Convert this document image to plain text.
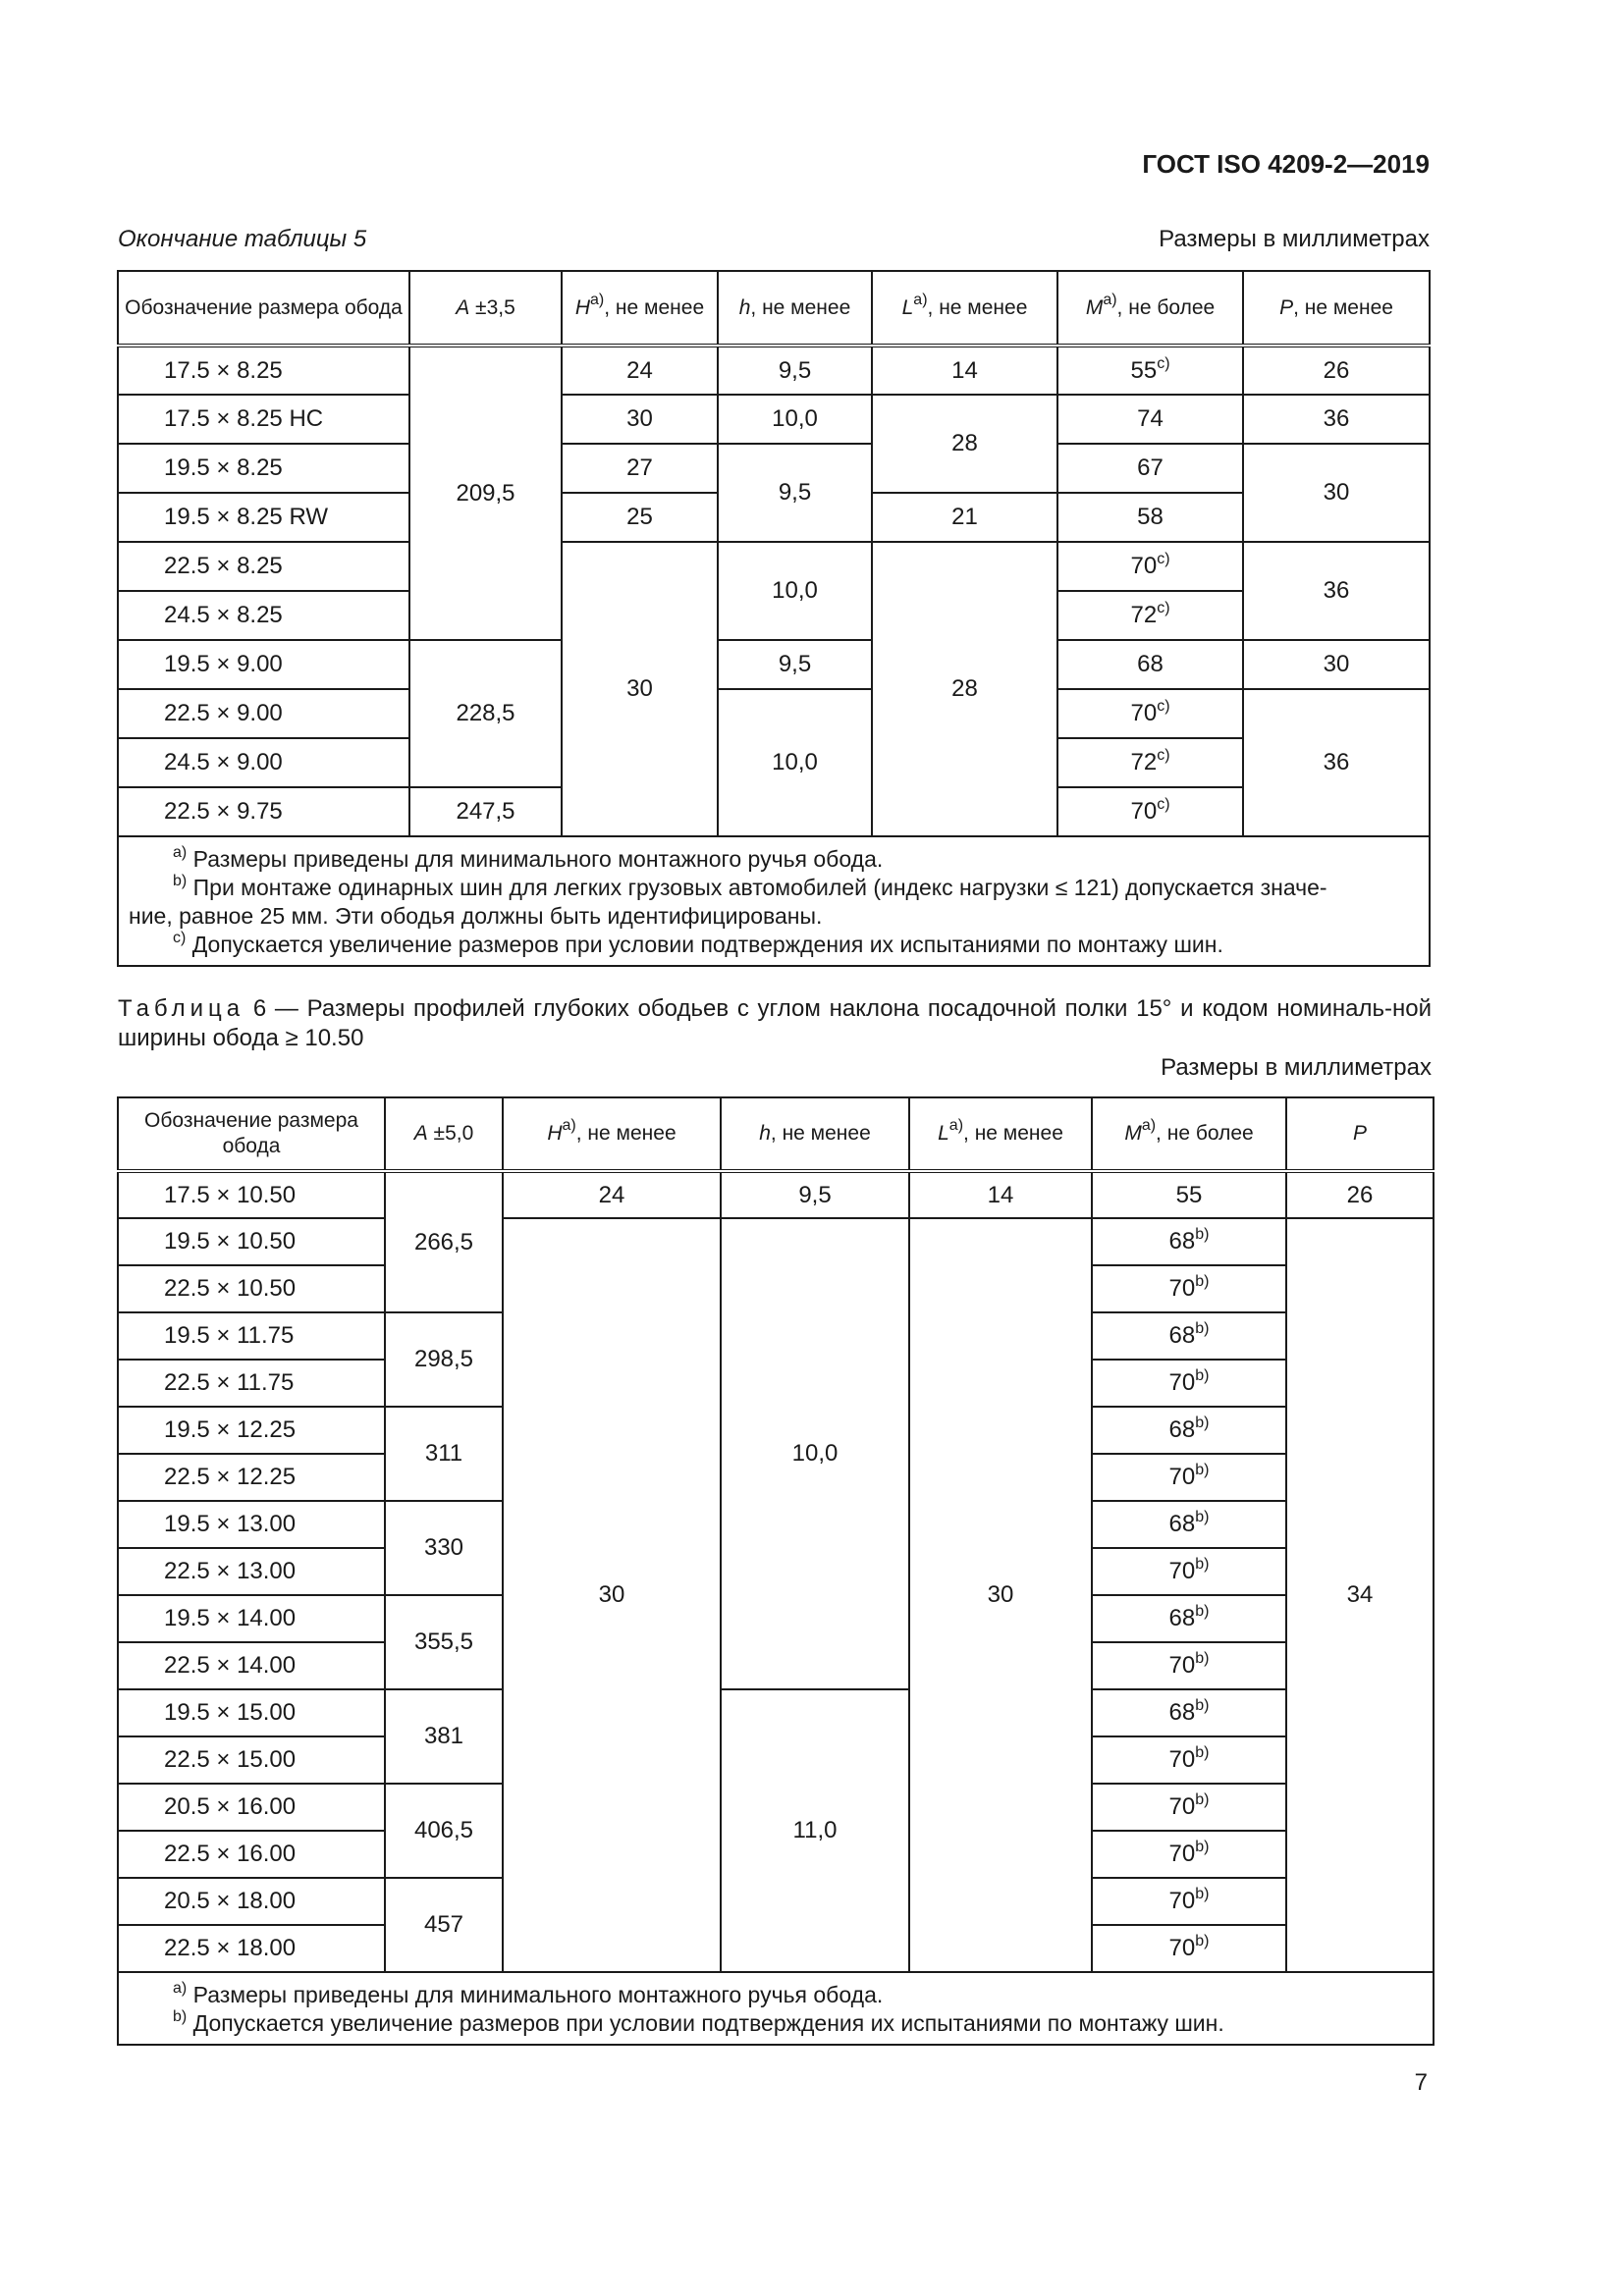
ГОСТ ISO 4209-2—2019
Окончание таблицы 5	Размеры в миллиметрах
Обозначение размера обода	A ±3,5	$H^{a)}$, не менее	h, не менее	$L^{a)}$, не менее	$M^{a)}$, не более	P, не менее
17.5 × 8.25	209,5	24	9,5	14	55$^{c)}$	26
17.5 × 8.25 HC		30	10,0	28	74	36
19.5 × 8.25		27	9,5		67	30
19.5 × 8.25 RW		25		21	58	
22.5 × 8.25		30	10,0	28	70$^{c)}$	36
24.5 × 8.25					72$^{c)}$
19.5 × 9.00	228,5		9,5		68	30
22.5 × 9.00			10,0		70$^{c)}$	36
24.5 × 9.00					72$^{c)}$
22.5 × 9.75	247,5				70$^{c)}$

$^{a)}$ Размеры приведены для минимального монтажного ручья обода.
$^{b)}$ При монтаже одинарных шин для легких грузовых автомобилей (индекс нагрузки ≤ 121) допускается значе-
ние, равное 25 мм. Эти ободья должны быть идентифицированы.
$^{c)}$ Допускается увеличение размеров при условии подтверждения их испытаниями по монтажу шин.						
Таблица 6 — Размеры профилей глубоких ободьев с углом наклона посадочной полки 15° и кодом номиналь-ной ширины обода ≥ 10.50
Размеры в миллиметрах
Обозначение размера обода	A ±5,0	$H^{a)}$, не менее	h, не менее	$L^{a)}$, не менее	$M^{a)}$, не более	P
17.5 × 10.50	266,5	24	9,5	14	55	26
19.5 × 10.50		30	10,0	30	68$^{b)}$	34
22.5 × 10.50					70$^{b)}$
19.5 × 11.75	298,5				68$^{b)}$
22.5 × 11.75					70$^{b)}$
19.5 × 12.25	311				68$^{b)}$
22.5 × 12.25					70$^{b)}$
19.5 × 13.00	330				68$^{b)}$
22.5 × 13.00					70$^{b)}$
19.5 × 14.00	355,5				68$^{b)}$
22.5 × 14.00					70$^{b)}$
19.5 × 15.00	381		11,0		68$^{b)}$
22.5 × 15.00					70$^{b)}$
20.5 × 16.00	406,5				70$^{b)}$
22.5 × 16.00					70$^{b)}$
20.5 × 18.00	457				70$^{b)}$
22.5 × 18.00					70$^{b)}$

$^{a)}$ Размеры приведены для минимального монтажного ручья обода.
$^{b)}$ Допускается увеличение размеров при условии подтверждения их испытаниями по монтажу шин.						
7
